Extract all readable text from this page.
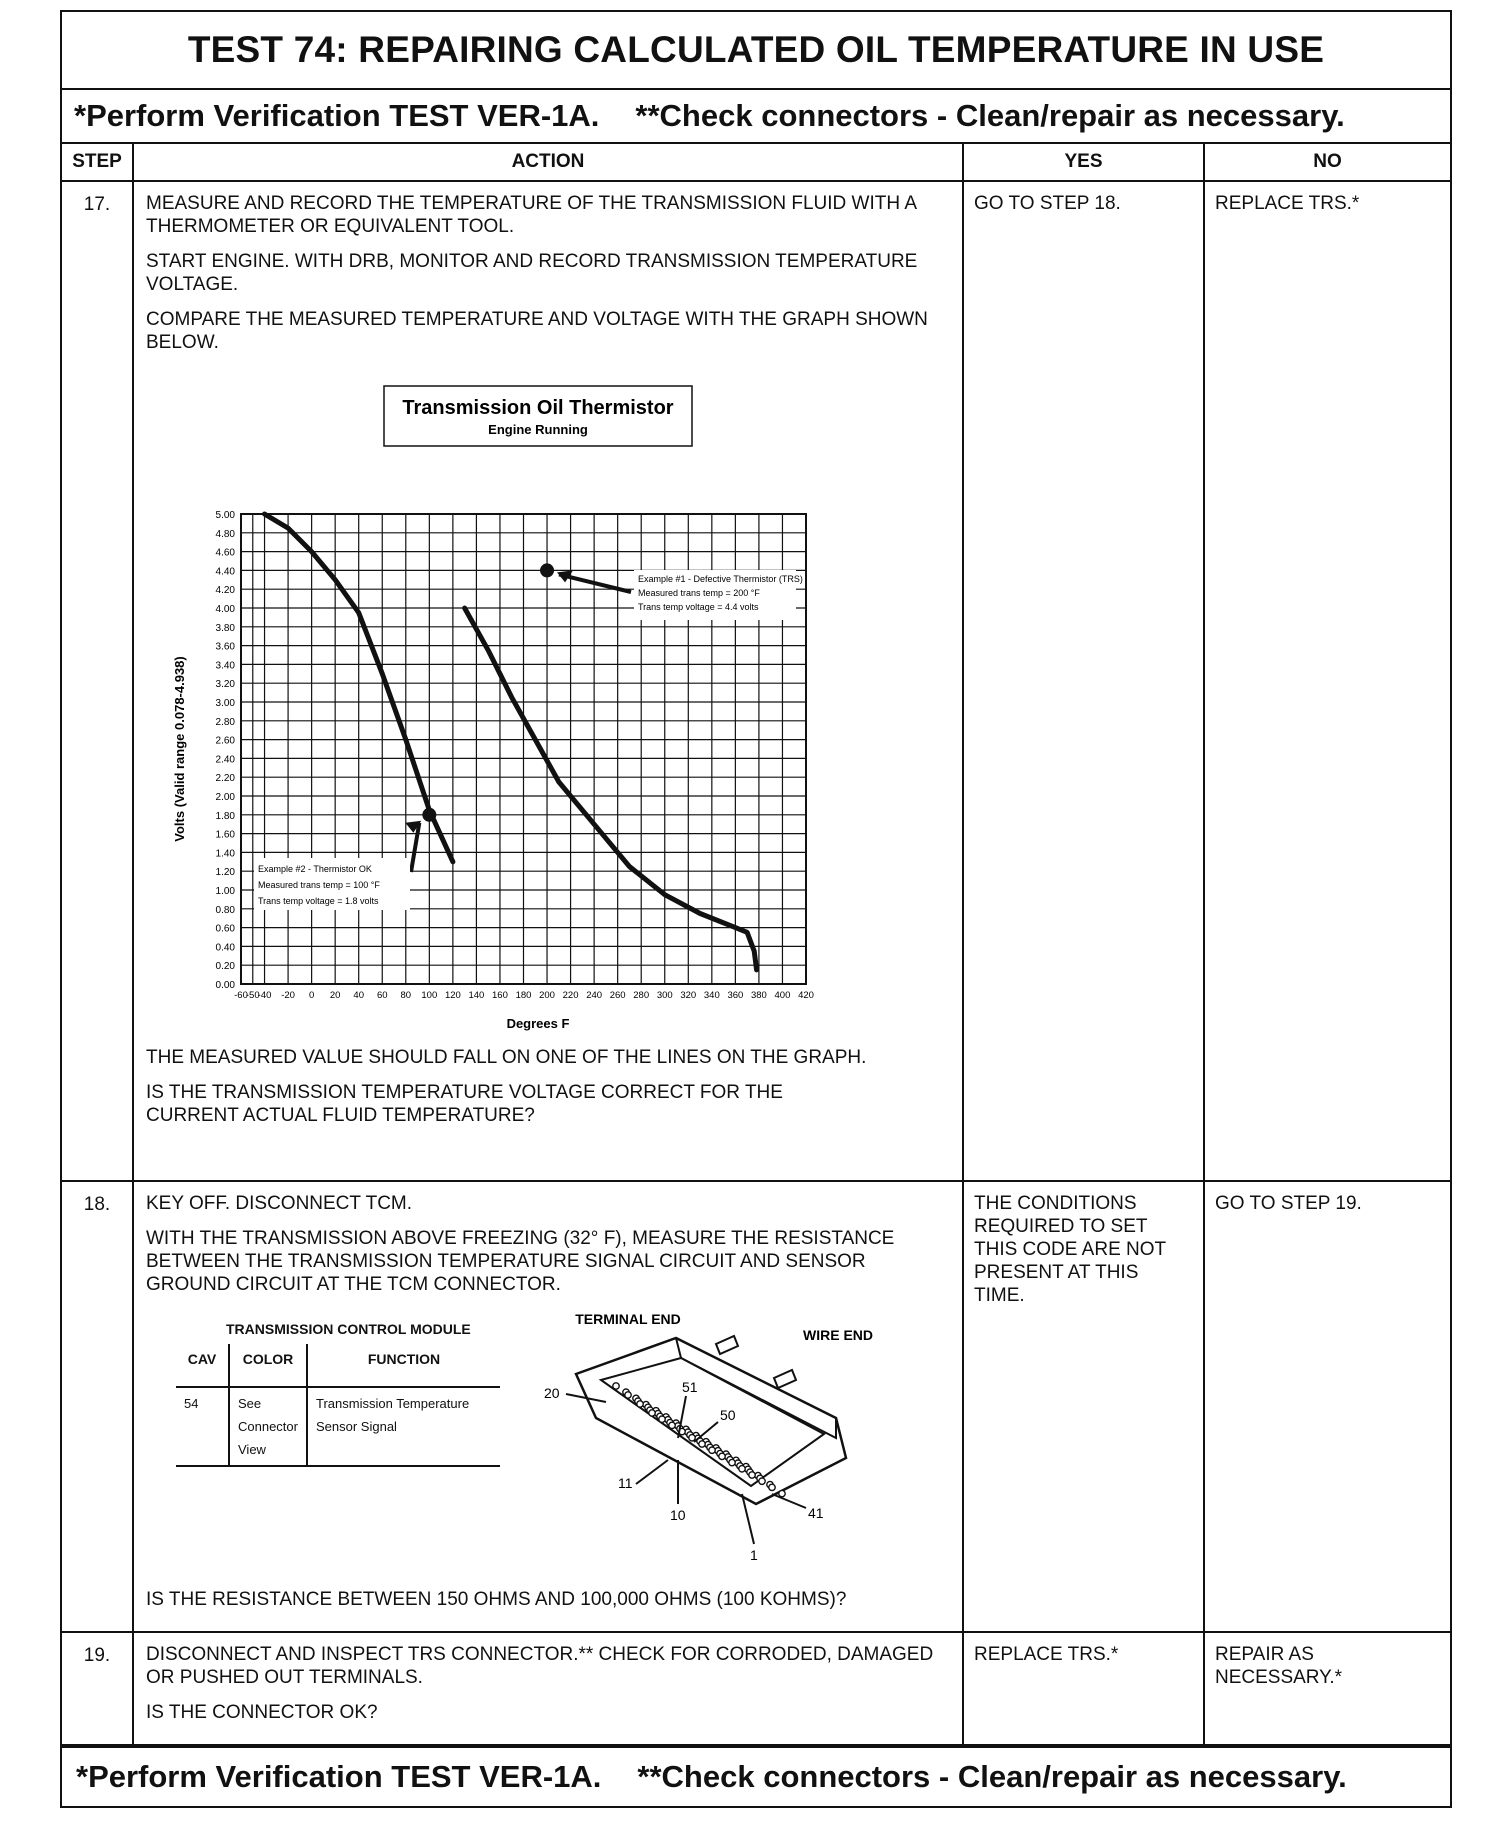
TEST 74: REPAIRING CALCULATED OIL TEMPERATURE IN USE
*Perform Verification TEST VER-1A. **Check connectors - Clean/repair as necessary.
STEP	ACTION	YES	NO
17.	MEASURE AND RECORD THE TEMPERATURE OF THE TRANSMISSION FLUID WITH A THERMOMETER OR EQUIVALENT TOOL.

START ENGINE. WITH DRB, MONITOR AND RECORD TRANSMISSION TEMPERATURE VOLTAGE.

COMPARE THE MEASURED TEMPERATURE AND VOLTAGE WITH THE GRAPH SHOWN BELOW.

Transmission Oil Thermistor
Engine Running
0.00
0.20
0.40
0.60
0.80
1.00
1.20
1.40
1.60
1.80
2.00
2.20
2.40
2.60
2.80
3.00
3.20
3.40
3.60
3.80
4.00
4.20
4.40
4.60
4.80
5.00
-60
-50
-40 -20 0 20 40 60 80 100 120 140 160 180 200 220 240 260 280 300 320 340 360 380 400 420
Degrees F
Volts (Valid range 0.078-4.938)
Example #1 - Defective Thermistor (TRS)
Measured trans temp = 200 °F
Trans temp voltage = 4.4 volts
Example #2 - Thermistor OK
Measured trans temp = 100 °F
Trans temp voltage = 1.8 volts

THE MEASURED VALUE SHOULD FALL ON ONE OF THE LINES ON THE GRAPH.

IS THE TRANSMISSION TEMPERATURE VOLTAGE CORRECT FOR THE CURRENT ACTUAL FLUID TEMPERATURE?

	GO TO STEP 18.	REPLACE TRS.*
18.	KEY OFF. DISCONNECT TCM.

WITH THE TRANSMISSION ABOVE FREEZING (32° F), MEASURE THE RESISTANCE BETWEEN THE TRANSMISSION TEMPERATURE SIGNAL CIRCUIT AND SENSOR GROUND CIRCUIT AT THE TCM CONNECTOR.

TRANSMISSION CONTROL MODULE
CAV	COLOR	FUNCTION
54	See Connector View	Transmission Temperature Sensor Signal
TERMINAL END
WIRE END
51
50
20
11
10	41
1

IS THE RESISTANCE BETWEEN 150 OHMS AND 100,000 OHMS (100 KOHMS)?

	THE CONDITIONS REQUIRED TO SET THIS CODE ARE NOT PRESENT AT THIS TIME.	GO TO STEP 19.
19.	DISCONNECT AND INSPECT TRS CONNECTOR.** CHECK FOR CORRODED, DAMAGED OR PUSHED OUT TERMINALS.

IS THE CONNECTOR OK?

	REPLACE TRS.*	REPAIR AS NECESSARY.*
*Perform Verification TEST VER-1A. **Check connectors - Clean/repair as necessary.
